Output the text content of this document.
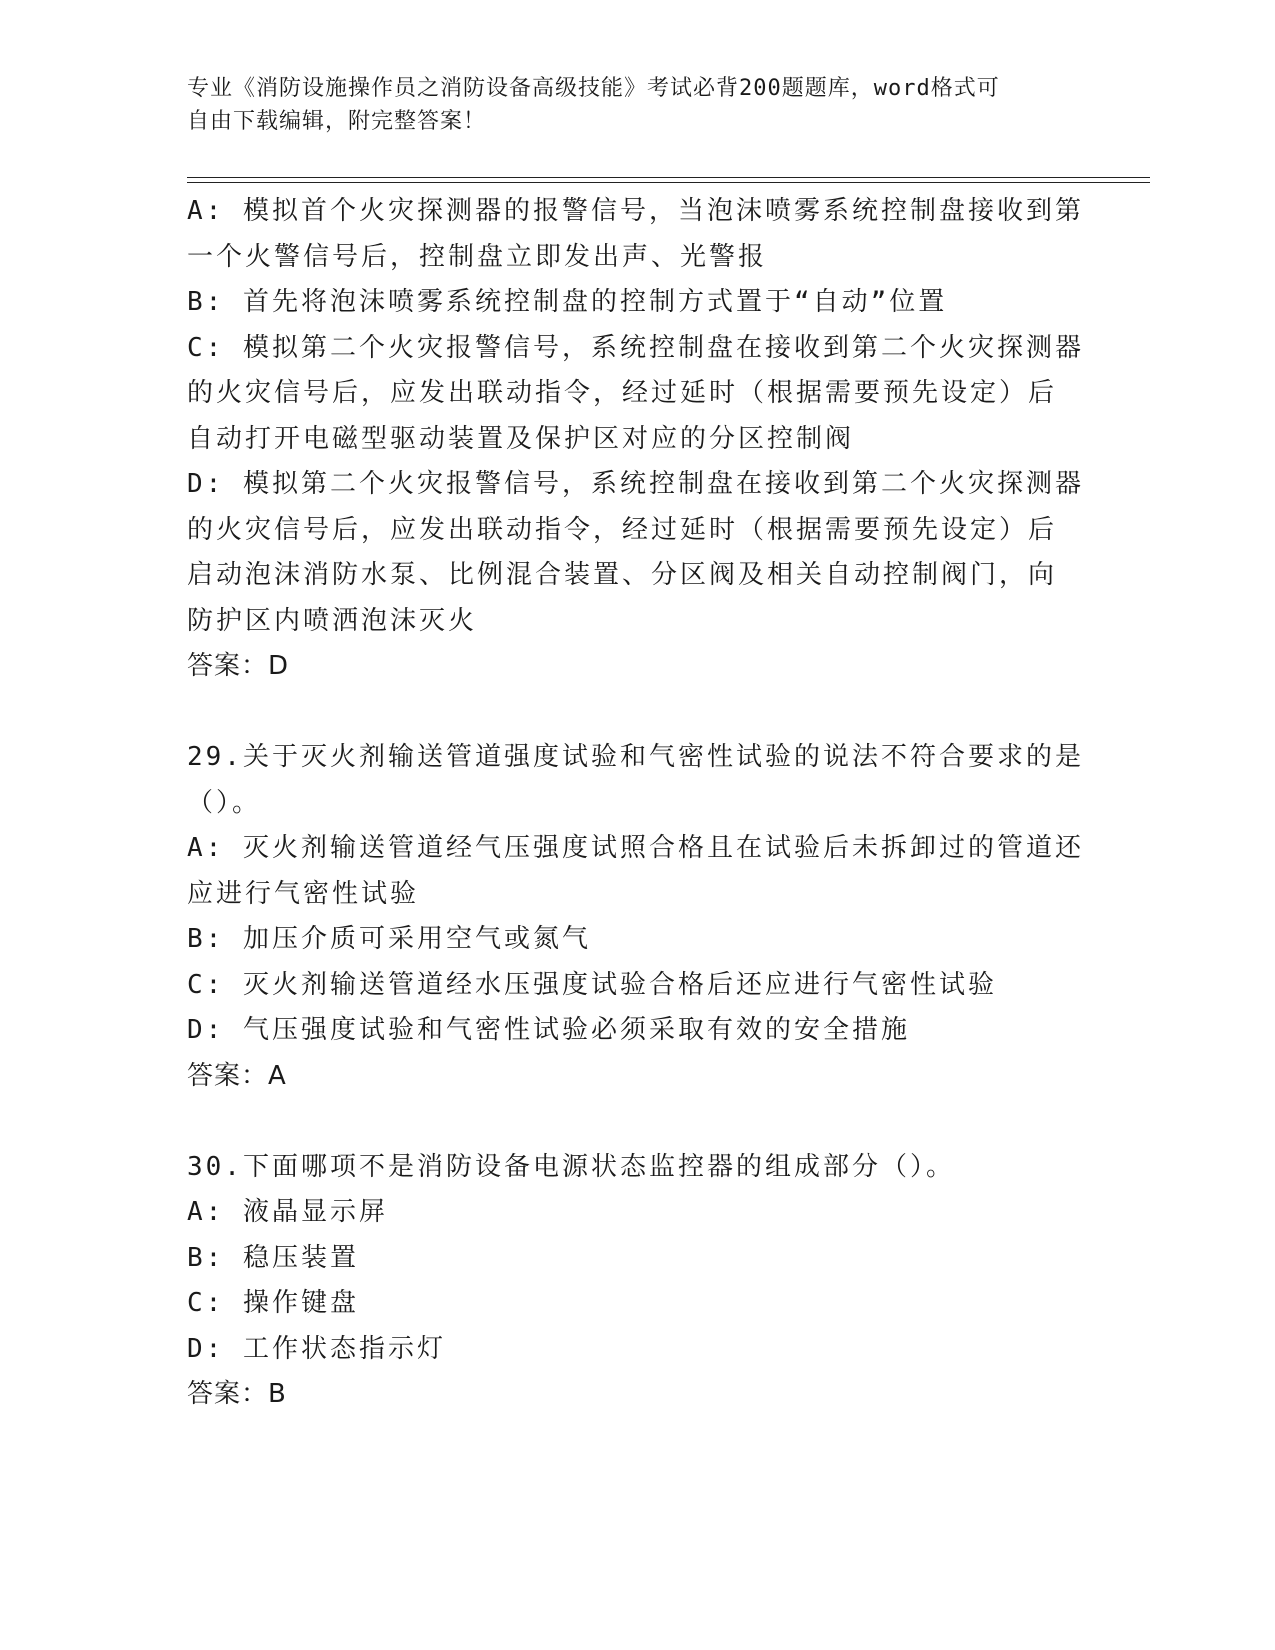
专业《消防设施操作员之消防设备高级技能》考试必背200题题库，word格式可
自由下载编辑，附完整答案！

A: 模拟首个火灾探测器的报警信号，当泡沫喷雾系统控制盘接收到第

一个火警信号后，控制盘立即发出声、光警报

B: 首先将泡沫喷雾系统控制盘的控制方式置于“自动”位置

C: 模拟第二个火灾报警信号，系统控制盘在接收到第二个火灾探测器

的火灾信号后，应发出联动指令，经过延时（根据需要预先设定）后

自动打开电磁型驱动装置及保护区对应的分区控制阀

D: 模拟第二个火灾报警信号，系统控制盘在接收到第二个火灾探测器

的火灾信号后，应发出联动指令，经过延时（根据需要预先设定）后

启动泡沫消防水泵、比例混合装置、分区阀及相关自动控制阀门，向

防护区内喷洒泡沫灭火

答案：D

29.关于灭火剂输送管道强度试验和气密性试验的说法不符合要求的是

（）。

A: 灭火剂输送管道经气压强度试照合格且在试验后未拆卸过的管道还

应进行气密性试验

B: 加压介质可采用空气或氮气

C: 灭火剂输送管道经水压强度试验合格后还应进行气密性试验

D: 气压强度试验和气密性试验必须采取有效的安全措施

答案：A

30.下面哪项不是消防设备电源状态监控器的组成部分（）。

A: 液晶显示屏

B: 稳压装置

C: 操作键盘

D: 工作状态指示灯

答案：B
